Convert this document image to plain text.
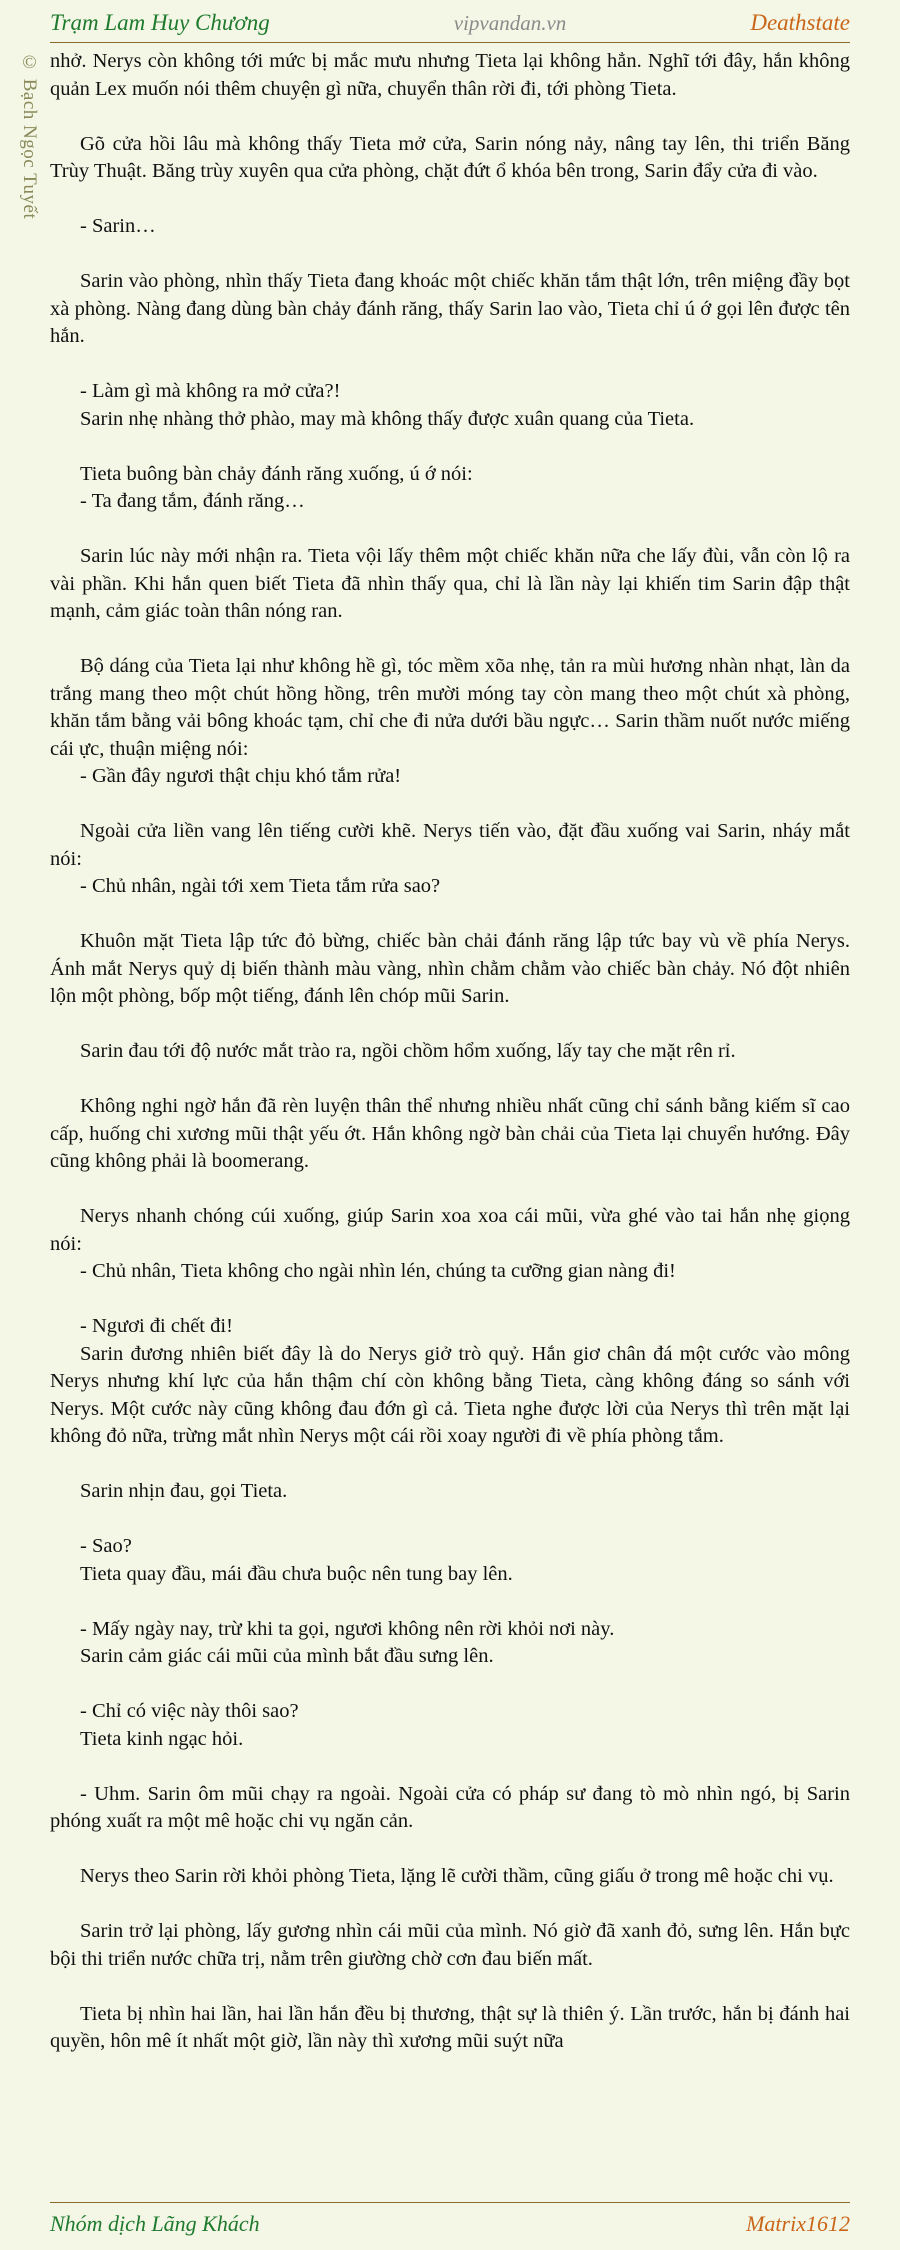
Trạm Lam Huy Chương	vipvandan.vn	Deathstate
© Bạch Ngọc Tuyết nhở. Nerys còn không tới mức bị mắc mưu nhưng Tieta lại không hẳn. Nghĩ tới đây, hắn không quản Lex muốn nói thêm chuyện gì nữa, chuyển thân rời đi, tới phòng Tieta.

Gõ cửa hồi lâu mà không thấy Tieta mở cửa, Sarin nóng nảy, nâng tay lên, thi triển Băng Trùy Thuật. Băng trùy xuyên qua cửa phòng, chặt đứt ổ khóa bên trong, Sarin đẩy cửa đi vào.

- Sarin…

Sarin vào phòng, nhìn thấy Tieta đang khoác một chiếc khăn tắm thật lớn, trên miệng đầy bọt xà phòng. Nàng đang dùng bàn chảy đánh răng, thấy Sarin lao vào, Tieta chỉ ú ớ gọi lên được tên hắn.

- Làm gì mà không ra mở cửa?!
Sarin nhẹ nhàng thở phào, may mà không thấy được xuân quang của Tieta.

Tieta buông bàn chảy đánh răng xuống, ú ớ nói:
- Ta đang tắm, đánh răng…

Sarin lúc này mới nhận ra. Tieta vội lấy thêm một chiếc khăn nữa che lấy đùi, vẫn còn lộ ra vài phần. Khi hắn quen biết Tieta đã nhìn thấy qua, chỉ là lần này lại khiến tim Sarin đập thật mạnh, cảm giác toàn thân nóng ran.

Bộ dáng của Tieta lại như không hề gì, tóc mềm xõa nhẹ, tản ra mùi hương nhàn nhạt, làn da trắng mang theo một chút hồng hồng, trên mười móng tay còn mang theo một chút xà phòng, khăn tắm bằng vải bông khoác tạm, chỉ che đi nửa dưới bầu ngực… Sarin thầm nuốt nước miếng cái ực, thuận miệng nói:
- Gần đây ngươi thật chịu khó tắm rửa!

Ngoài cửa liền vang lên tiếng cười khẽ. Nerys tiến vào, đặt đầu xuống vai Sarin, nháy mắt nói:
- Chủ nhân, ngài tới xem Tieta tắm rửa sao?

Khuôn mặt Tieta lập tức đỏ bừng, chiếc bàn chải đánh răng lập tức bay vù về phía Nerys. Ánh mắt Nerys quỷ dị biến thành màu vàng, nhìn chằm chằm vào chiếc bàn chảy. Nó đột nhiên lộn một phòng, bốp một tiếng, đánh lên chóp mũi Sarin.

Sarin đau tới độ nước mắt trào ra, ngồi chồm hổm xuống, lấy tay che mặt rên rỉ.

Không nghi ngờ hắn đã rèn luyện thân thể nhưng nhiều nhất cũng chỉ sánh bằng kiếm sĩ cao cấp, huống chi xương mũi thật yếu ớt. Hắn không ngờ bàn chải của Tieta lại chuyển hướng. Đây cũng không phải là boomerang.

Nerys nhanh chóng cúi xuống, giúp Sarin xoa xoa cái mũi, vừa ghé vào tai hắn nhẹ giọng nói:
- Chủ nhân, Tieta không cho ngài nhìn lén, chúng ta cưỡng gian nàng đi!

- Ngươi đi chết đi!
Sarin đương nhiên biết đây là do Nerys giở trò quỷ. Hắn giơ chân đá một cước vào mông Nerys nhưng khí lực của hắn thậm chí còn không bằng Tieta, càng không đáng so sánh với Nerys. Một cước này cũng không đau đớn gì cả. Tieta nghe được lời của Nerys thì trên mặt lại không đỏ nữa, trừng mắt nhìn Nerys một cái rồi xoay người đi về phía phòng tắm.

Sarin nhịn đau, gọi Tieta.

- Sao?
Tieta quay đầu, mái đầu chưa buộc nên tung bay lên.

- Mấy ngày nay, trừ khi ta gọi, ngươi không nên rời khỏi nơi này.
Sarin cảm giác cái mũi của mình bắt đầu sưng lên.

- Chỉ có việc này thôi sao?
Tieta kinh ngạc hỏi.

- Uhm. Sarin ôm mũi chạy ra ngoài. Ngoài cửa có pháp sư đang tò mò nhìn ngó, bị Sarin phóng xuất ra một mê hoặc chi vụ ngăn cản.

Nerys theo Sarin rời khỏi phòng Tieta, lặng lẽ cười thầm, cũng giấu ở trong mê hoặc chi vụ.

Sarin trở lại phòng, lấy gương nhìn cái mũi của mình. Nó giờ đã xanh đỏ, sưng lên. Hắn bực bội thi triển nước chữa trị, nằm trên giường chờ cơn đau biến mất.

Tieta bị nhìn hai lần, hai lần hắn đều bị thương, thật sự là thiên ý. Lần trước, hắn bị đánh hai quyền, hôn mê ít nhất một giờ, lần này thì xương mũi suýt nữa

Nhóm dịch Lãng Khách	Matrix1612
